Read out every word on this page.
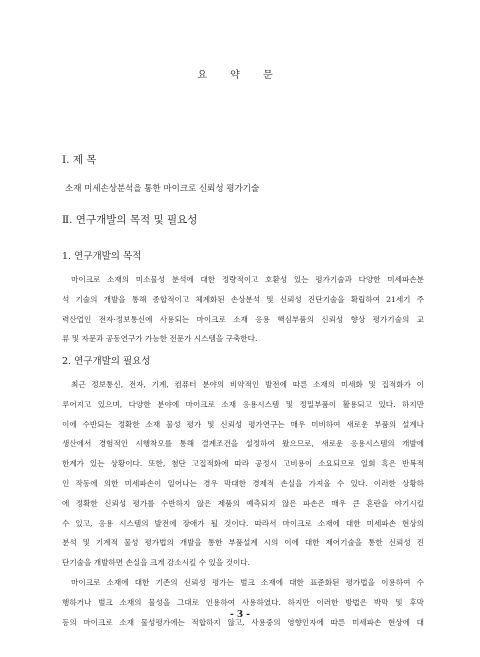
요 약 문
Ⅰ. 제 목
소재 미세손상분석을 통한 마이크로 신뢰성 평가기술
Ⅱ. 연구개발의 목적 및 필요성
1. 연구개발의 목적
마이크로 소재의 미소물성 분석에 대한 정량적이고 호환성 있는 평가기술과 다양한 미세파손분
석 기술의 개발을 통해 종합적이고 체계화된 손상분석 및 신뢰성 진단기술을 확립하여 21세기 주
력산업인 전자·정보통신에 사용되는 마이크로 소재 응용 핵심부품의 신뢰성 향상 평가기술의 교
류 및 자문과 공동연구가 가능한 전문가 시스템을 구축한다.
2. 연구개발의 필요성
최근 정보통신, 전자, 기계, 컴퓨터 분야의 비약적인 발전에 따른 소재의 미세화 및 집적화가 이
루어지고 있으며, 다양한 분야에 마이크로 소재 응용시스템 및 정밀부품이 활용되고 있다. 하지만
이에 수반되는 정확한 소재 물성 평가 및 신뢰성 평가연구는 매우 미비하여 새로운 부품의 설계나
생산에서 경험적인 시행착오를 통해 결계조건을 설정하여 왔으므로, 새로운 응용시스템의 개발에
한계가 있는 상황이다. 또한, 첨단 고집적화에 따라 공정시 고비용이 소요되므로 일회 혹은 반복적
인 작동에 의한 미세파손이 일어나는 경우 막대한 경제적 손실을 가져올 수 있다. 이러한 상황하
에 정확한 신뢰성 평가를 수반하지 않은 제품의 예측되지 않은 파손은 매우 큰 혼란을 야기시킬
수 있고, 응용 시스템의 발전에 장애가 될 것이다. 따라서 마이크로 소재에 대한 미세파손 현상의
분석 및 기계적 물성 평가법의 개발을 통한 부품설계 시의 이에 대한 제어기술을 통한 신뢰성 진
단기술을 개발하면 손실을 크게 감소시킬 수 있을 것이다.
마이크로 소재에 대한 기존의 신뢰성 평가는 벌크 소재에 대한 표준화된 평가법을 이용하여 수
행하거나 벌크 소재의 물성을 그대로 인용하여 사용하였다. 하지만 이러한 방법은 박막 및 후막
등의 마이크로 소재 물성평가에는 적합하지 않고, 사용중의 영향인자에 따른 미세파손 현상에 대
- 3 -
